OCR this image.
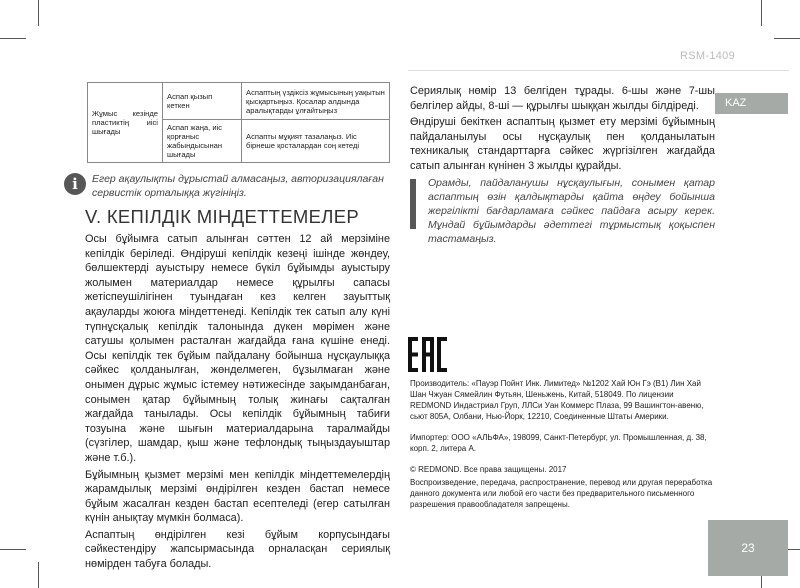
RSM-1409
KAZ
Жұмыс кезінде пластиктің иісі шығады	Аспап қызып кеткен	Аспаптың үздіксіз жұмысының уақытын қысқартыңыз. Қосалар алдында аралықтарды ұлғайтыңыз
	Аспап жаңа, иіс қорғаныс жабындысынан шығады	Аспапты мұқият тазалаңыз. Иіс бірнеше қосталардан соң кетеді
i	Егер ақаулықты дұрыстай алмасаңыз, авторизациялаған сервистік орталыққа жүгініңіз.
V. КЕПІЛДІК МІНДЕТТЕМЕЛЕР

Осы бұйымға сатып алынған сәттен 12 ай мерзіміне кепілдік беріледі. Өндіруші кепілдік кезеңі ішінде жөндеу, бөлшектерді ауыстыру немесе бүкіл бұйымды ауыстыру жолымен материалдар немесе құрылғы сапасы жетіспеушілігінен туындаған кез келген зауыттық ақауларды жоюға міндеттенеді. Кепілдік тек сатып алу күні түпнұсқалық кепілдік талонында дүкен мөрімен және сатушы қолымен расталған жағдайда ғана күшіне енеді. Осы кепілдік тек бұйым пайдалану бойынша нұсқаулыққа сәйкес қолданылған, жөнделмеген, бұзылмаған және онымен дұрыс жұмыс істемеу нәтижесінде зақымданбаған, сонымен қатар бұйымның толық жинағы сақталған жағдайда танылады. Осы кепілдік бұйымның табиғи тозуына және шығын материалдарына таралмайды (сүзгілер, шамдар, қыш және тефлондық тыңыздауыштар және т.б.).

Бұйымның қызмет мерзімі мен кепілдік міндеттемелердің жарамдылық мерзімі өндірілген кезден бастап немесе бұйым жасалған кезден бастап есептеледі (егер сатылған күнін анықтау мүмкін болмаса).

Аспаптың өндірілген кезі бұйым корпусындағы сәйкестендіру жапсырмасында орналасқан сериялық нөмірден табуға болады.

Сериялық нөмір 13 белгіден тұрады. 6-шы және 7-шы белгілер айды, 8-ші — құрылғы шыққан жылды білдіреді.

Өндіруші бекіткен аспаптың қызмет ету мерзімі бұйымның пайдаланылуы осы нұсқаулық пен қолданылатын техникалық стандарттарға сәйкес жүргізілген жағдайда сатып алынған күнінен 3 жылды құрайды.

Орамды, пайдаланушы нұсқаулығын, сонымен қатар аспаптың өзін қалдықтарды қайта өңдеу бойынша жергілікті бағдарламаға сәйкес пайдаға асыру керек. Мұндай бұйымдарды әдеттегі тұрмыстық қоқыспен тастамаңыз.

Производитель: «Пауэр Пойнт Инк. Лимитед» №1202 Хай Юн Гэ (В1) Лин Хай Шан Чжуан Сямейлин Футьян, Шеньжень, Китай, 518049. По лицензии REDMOND Индастриал Груп, ЛЛСи Уан Коммерс Плаза, 99 Вашингтон-авеню, сьют 805А, Олбани, Нью-Йорк, 12210, Соединенные Штаты Америки.

Импортер: ООО «АЛЬФА», 198099, Санкт-Петербург, ул. Промышленная, д. 38, корп. 2, литера А.

© REDMOND. Все права защищены. 2017

Воспроизведение, передача, распространение, перевод или другая переработка данного документа или любой его части без предварительного письменного разрешения правообладателя запрещены.

23
